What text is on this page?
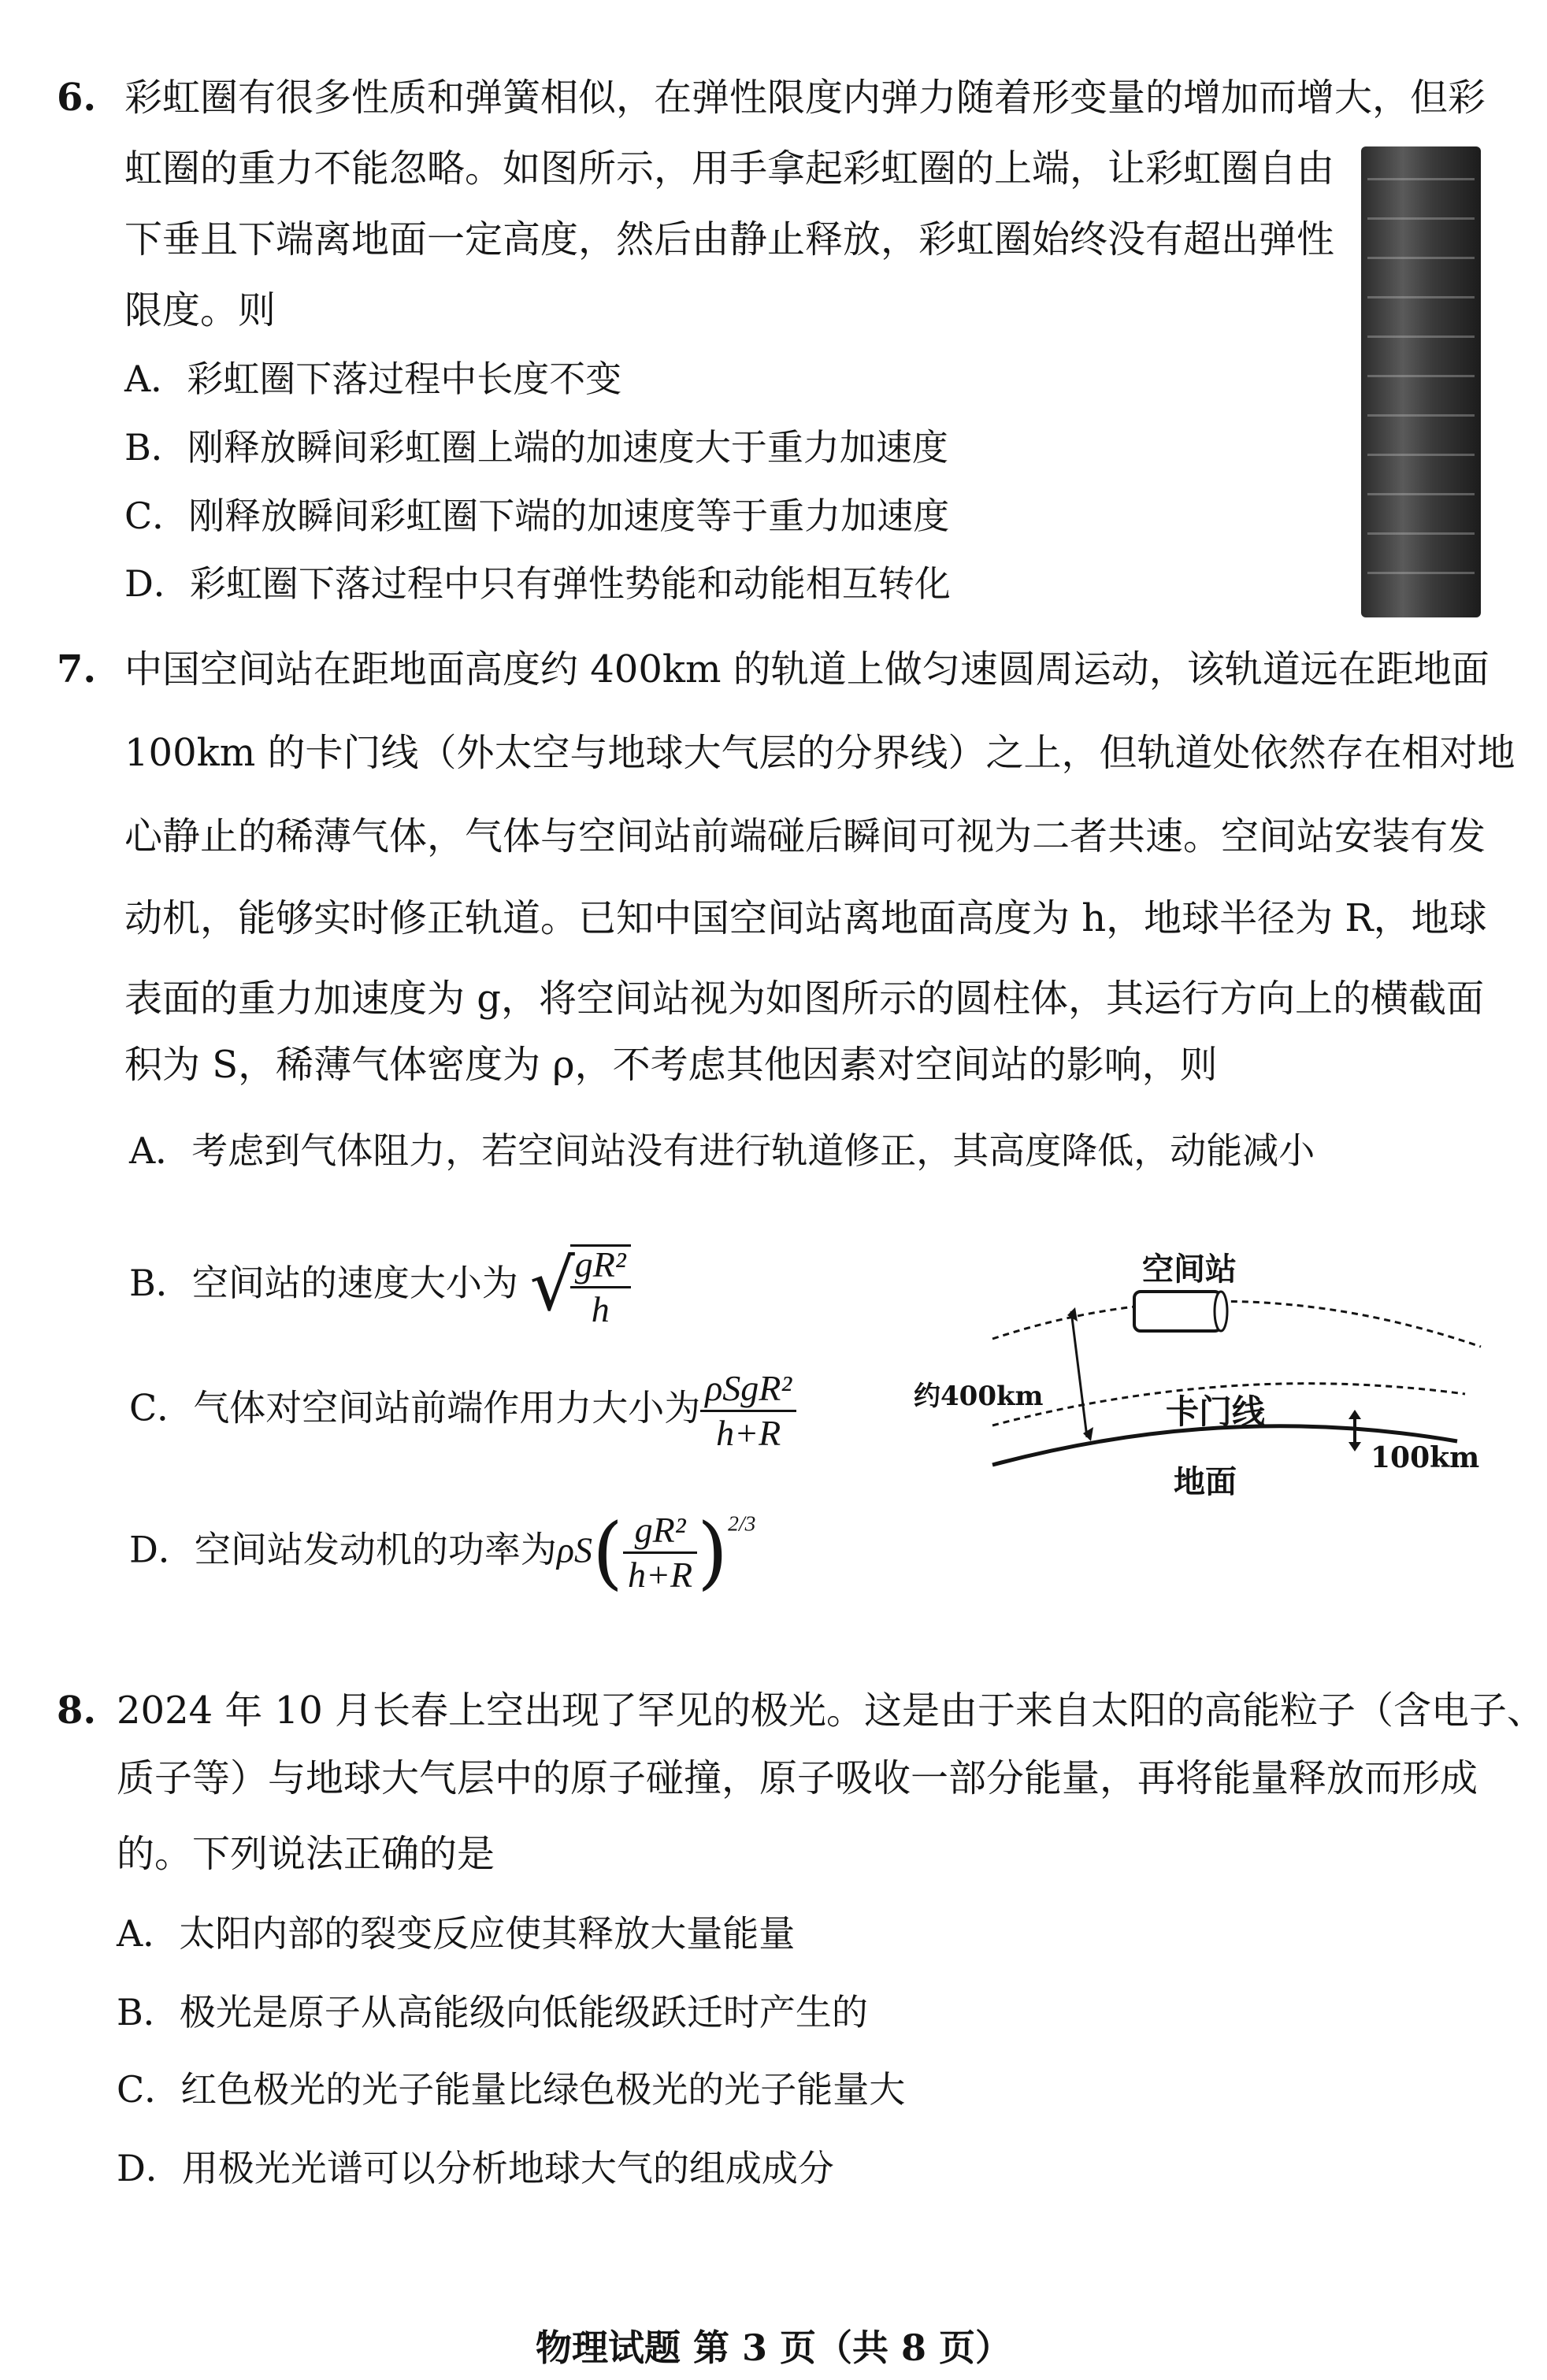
6. 彩虹圈有很多性质和弹簧相似，在弹性限度内弹力随着形变量的增加而增大，但彩
虹圈的重力不能忽略。如图所示，用手拿起彩虹圈的上端，让彩虹圈自由
下垂且下端离地面一定高度，然后由静止释放，彩虹圈始终没有超出弹性
限度。则
A．彩虹圈下落过程中长度不变
B．刚释放瞬间彩虹圈上端的加速度大于重力加速度
C．刚释放瞬间彩虹圈下端的加速度等于重力加速度
D．彩虹圈下落过程中只有弹性势能和动能相互转化
7. 中国空间站在距地面高度约 400km 的轨道上做匀速圆周运动，该轨道远在距地面
100km 的卡门线（外太空与地球大气层的分界线）之上，但轨道处依然存在相对地
心静止的稀薄气体，气体与空间站前端碰后瞬间可视为二者共速。空间站安装有发
动机，能够实时修正轨道。已知中国空间站离地面高度为 h，地球半径为 R，地球
表面的重力加速度为 g，将空间站视为如图所示的圆柱体，其运行方向上的横截面
积为 S，稀薄气体密度为 ρ，不考虑其他因素对空间站的影响，则
A．考虑到气体阻力，若空间站没有进行轨道修正，其高度降低，动能减小
B．空间站的速度大小为 √
$\frac{\text{gR²}}{h}$
C．气体对空间站前端作用力大小为 $\frac{\text{ρSgR²}}{h+R}$
D．空间站发动机的功率为$\rho S( \frac{\text{gR²}}{h+R} )^{2/3}$
空间站
约400km	卡门线
100km
地面
8. 2024 年 10 月长春上空出现了罕见的极光。这是由于来自太阳的高能粒子（含电子、
质子等）与地球大气层中的原子碰撞，原子吸收一部分能量，再将能量释放而形成
的。下列说法正确的是
A．太阳内部的裂变反应使其释放大量能量
B．极光是原子从高能级向低能级跃迁时产生的
C．红色极光的光子能量比绿色极光的光子能量大
D．用极光光谱可以分析地球大气的组成成分
物理试题 第 3 页（共 8 页）
